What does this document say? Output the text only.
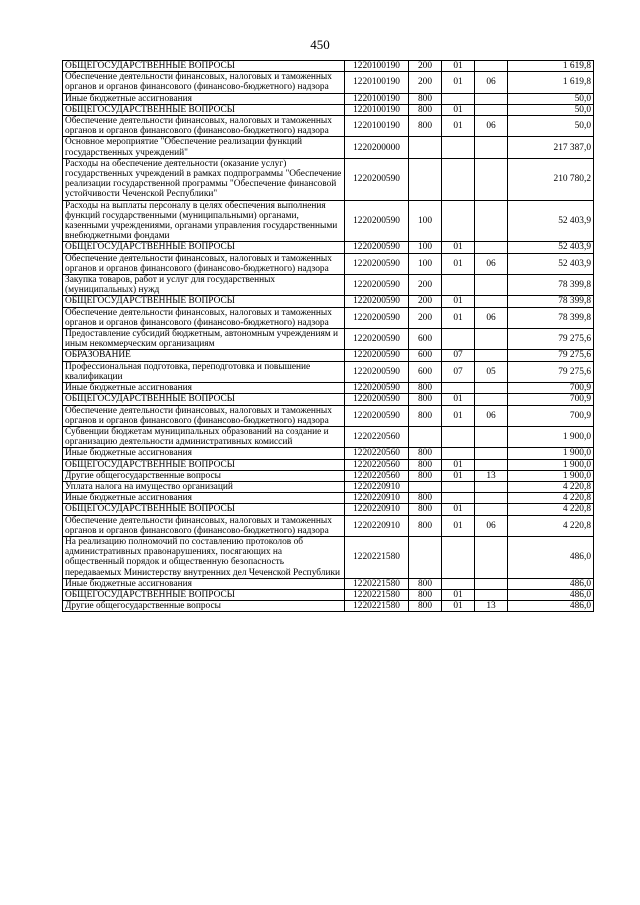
450
ОБЩЕГОСУДАРСТВЕННЫЕ ВОПРОСЫ	1220100190	200	01		1 619,8
Обеспечение деятельности финансовых, налоговых и таможенных органов и органов финансового (финансово-бюджетного) надзора	1220100190	200	01	06	1 619,8
Иные бюджетные ассигнования	1220100190	800			50,0
ОБЩЕГОСУДАРСТВЕННЫЕ ВОПРОСЫ	1220100190	800	01		50,0
Обеспечение деятельности финансовых, налоговых и таможенных органов и органов финансового (финансово-бюджетного) надзора	1220100190	800	01	06	50,0
Основное мероприятие "Обеспечение реализации функций государственных учреждений"	1220200000				217 387,0
Расходы на обеспечение деятельности (оказание услуг) государственных учреждений в рамках подпрограммы "Обеспечение реализации государственной программы "Обеспечение финансовой устойчивости Чеченской Республики"	1220200590				210 780,2
Расходы на выплаты персоналу в целях обеспечения выполнения функций государственными (муниципальными) органами, казенными учреждениями, органами управления государственными внебюджетными фондами	1220200590	100			52 403,9
ОБЩЕГОСУДАРСТВЕННЫЕ ВОПРОСЫ	1220200590	100	01		52 403,9
Обеспечение деятельности финансовых, налоговых и таможенных органов и органов финансового (финансово-бюджетного) надзора	1220200590	100	01	06	52 403,9
Закупка товаров, работ и услуг для государственных (муниципальных) нужд	1220200590	200			78 399,8
ОБЩЕГОСУДАРСТВЕННЫЕ ВОПРОСЫ	1220200590	200	01		78 399,8
Обеспечение деятельности финансовых, налоговых и таможенных органов и органов финансового (финансово-бюджетного) надзора	1220200590	200	01	06	78 399,8
Предоставление субсидий бюджетным, автономным учреждениям и иным некоммерческим организациям	1220200590	600			79 275,6
ОБРАЗОВАНИЕ	1220200590	600	07		79 275,6
Профессиональная подготовка, переподготовка и повышение квалификации	1220200590	600	07	05	79 275,6
Иные бюджетные ассигнования	1220200590	800			700,9
ОБЩЕГОСУДАРСТВЕННЫЕ ВОПРОСЫ	1220200590	800	01		700,9
Обеспечение деятельности финансовых, налоговых и таможенных органов и органов финансового (финансово-бюджетного) надзора	1220200590	800	01	06	700,9
Субвенции бюджетам муниципальных образований на создание и организацию деятельности административных комиссий	1220220560				1 900,0
Иные бюджетные ассигнования	1220220560	800			1 900,0
ОБЩЕГОСУДАРСТВЕННЫЕ ВОПРОСЫ	1220220560	800	01		1 900,0
Другие общегосударственные вопросы	1220220560	800	01	13	1 900,0
Уплата налога на имущество организаций	1220220910				4 220,8
Иные бюджетные ассигнования	1220220910	800			4 220,8
ОБЩЕГОСУДАРСТВЕННЫЕ ВОПРОСЫ	1220220910	800	01		4 220,8
Обеспечение деятельности финансовых, налоговых и таможенных органов и органов финансового (финансово-бюджетного) надзора	1220220910	800	01	06	4 220,8
На реализацию полномочий по составлению протоколов об административных правонарушениях, посягающих на общественный порядок и общественную безопасность передаваемых Министерству внутренних дел Чеченской Республики	1220221580				486,0
Иные бюджетные ассигнования	1220221580	800			486,0
ОБЩЕГОСУДАРСТВЕННЫЕ ВОПРОСЫ	1220221580	800	01		486,0
Другие общегосударственные вопросы	1220221580	800	01	13	486,0
